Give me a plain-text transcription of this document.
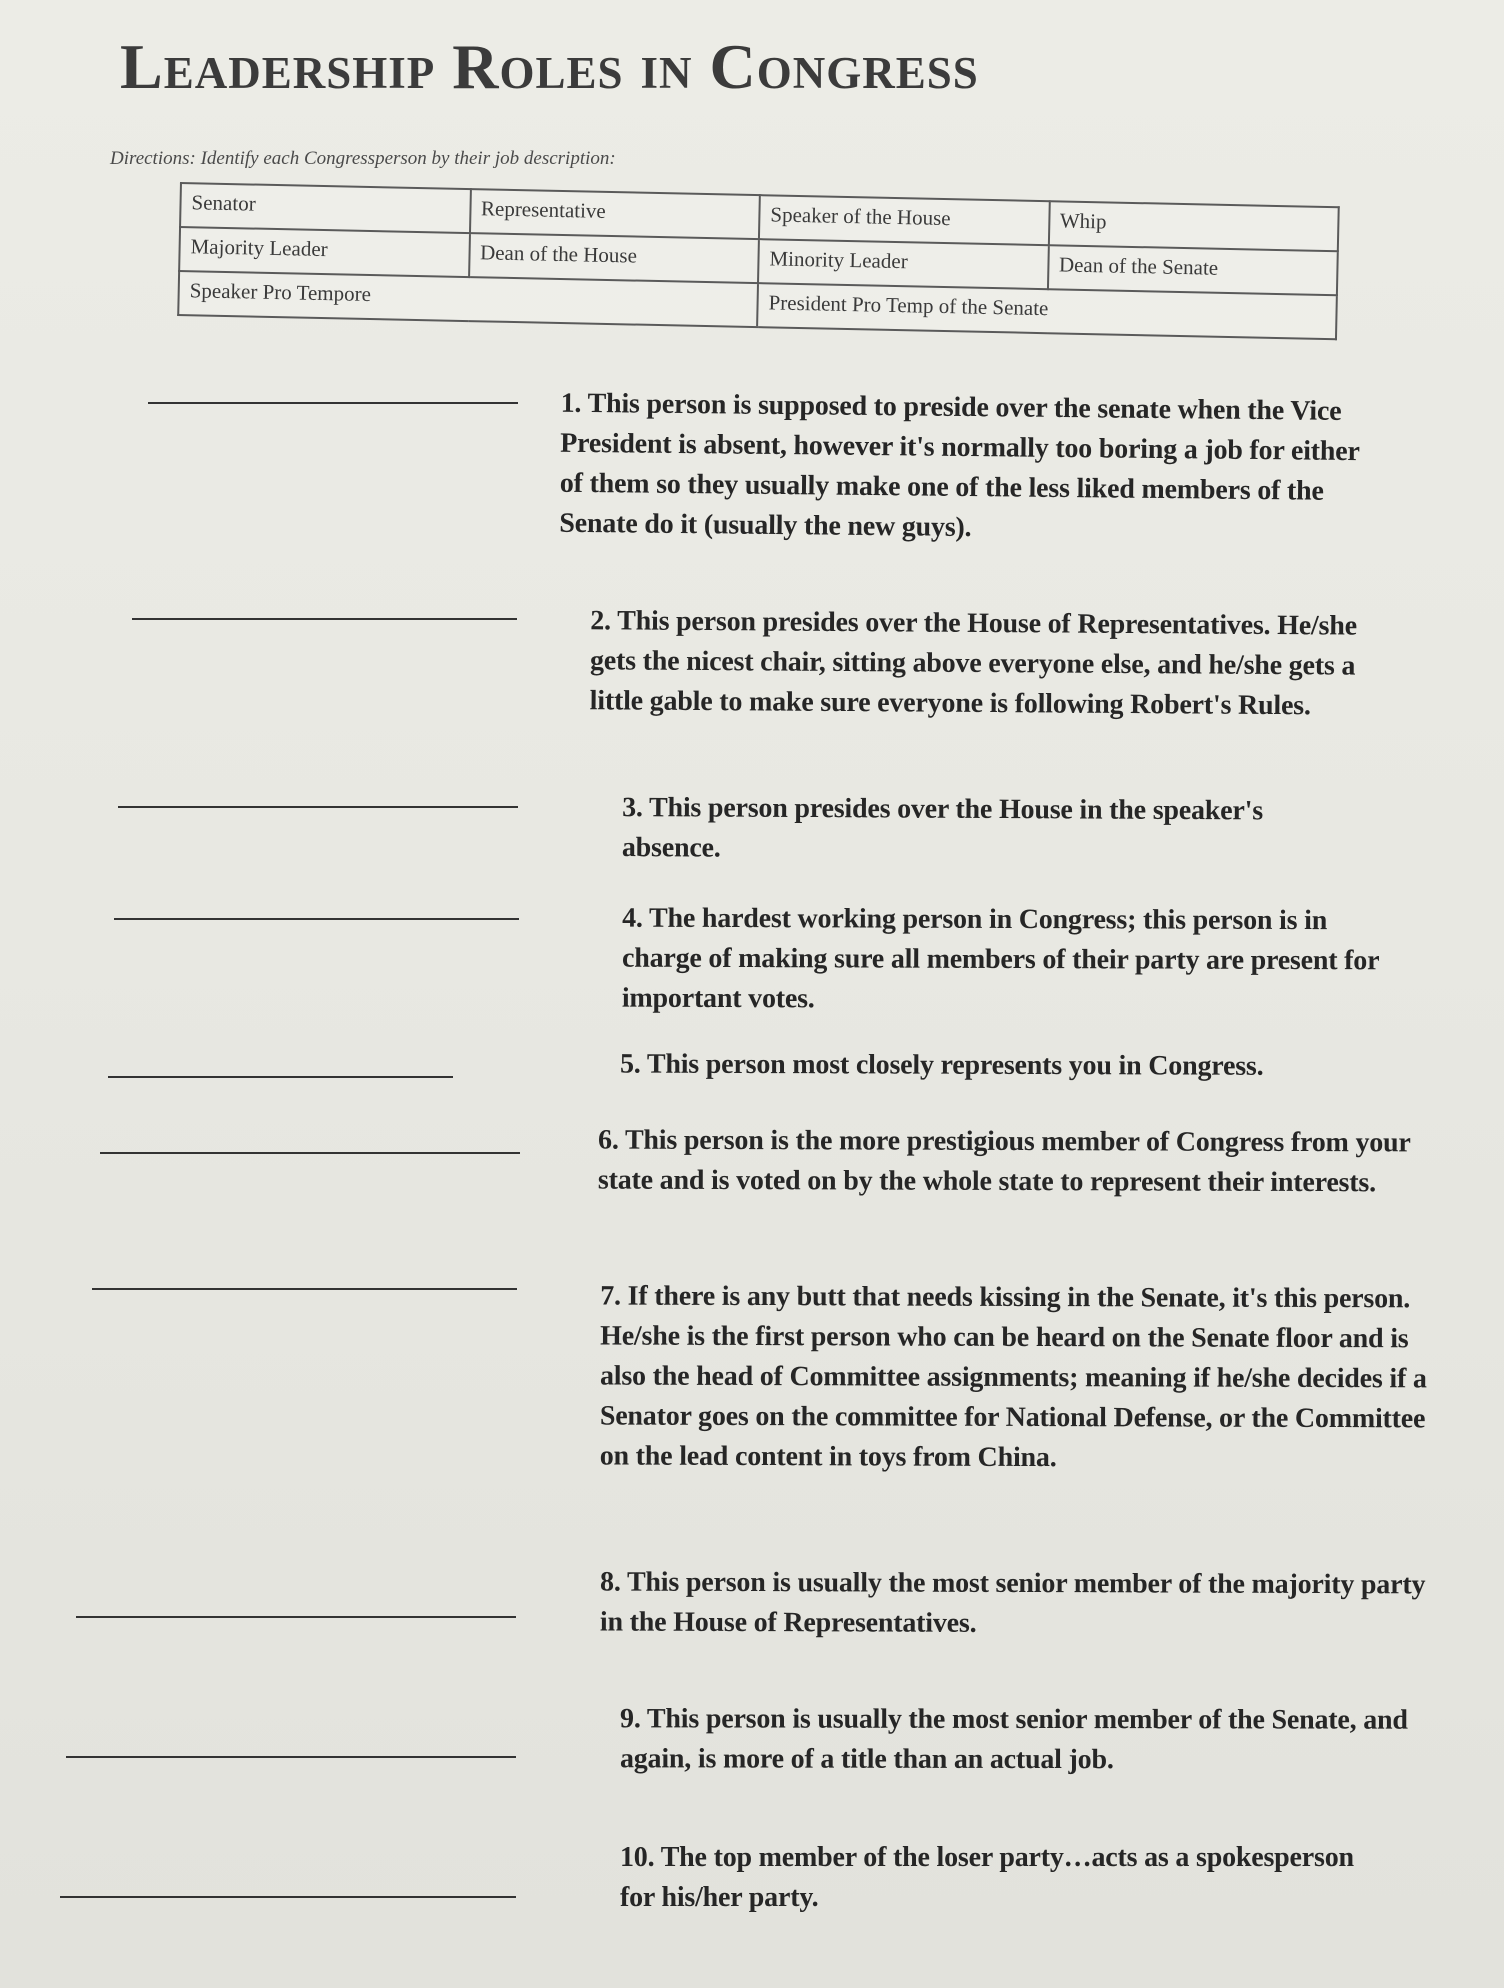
Leadership Roles in Congress
Directions: Identify each Congressperson by their job description:
Senator	Representative	Speaker of the House	Whip
Majority Leader	Dean of the House	Minority Leader	Dean of the Senate
Speaker Pro Tempore		President Pro Temp of the Senate	
1. This person is supposed to preside over the senate when the Vice President is absent, however it's normally too boring a job for either of them so they usually make one of the less liked members of the Senate do it (usually the new guys).
2. This person presides over the House of Representatives. He/she gets the nicest chair, sitting above everyone else, and he/she gets a little gable to make sure everyone is following Robert's Rules.
3. This person presides over the House in the speaker's absence.
4. The hardest working person in Congress; this person is in charge of making sure all members of their party are present for important votes.
5. This person most closely represents you in Congress.
6. This person is the more prestigious member of Congress from your state and is voted on by the whole state to represent their interests.
7. If there is any butt that needs kissing in the Senate, it's this person. He/she is the first person who can be heard on the Senate floor and is also the head of Committee assignments; meaning if he/she decides if a Senator goes on the committee for National Defense, or the Committee on the lead content in toys from China.
8. This person is usually the most senior member of the majority party in the House of Representatives.
9. This person is usually the most senior member of the Senate, and again, is more of a title than an actual job.
10. The top member of the loser party…acts as a spokesperson for his/her party.
